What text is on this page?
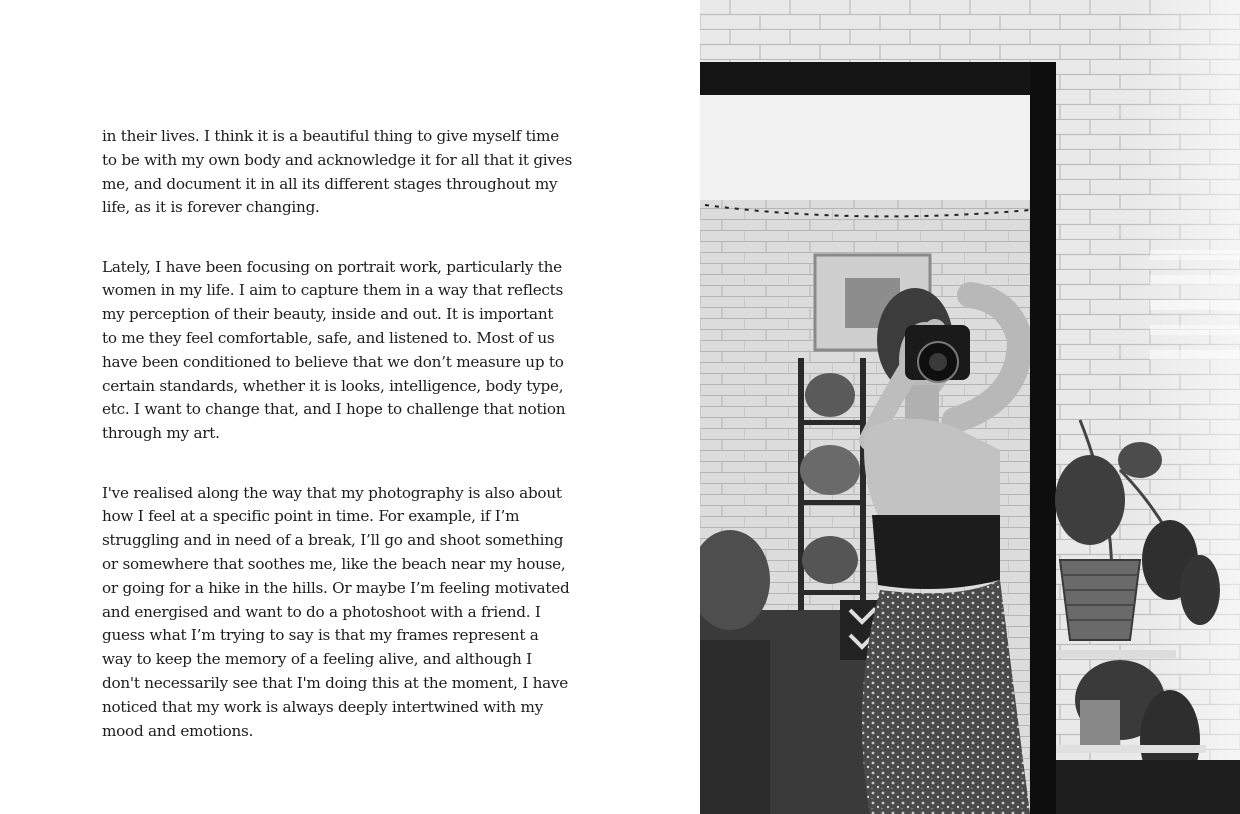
in their lives. I think it is a beautiful thing to give myself time to be with my own body and acknowledge it for all that it gives me, and document it in all its different stages throughout my life, as it is forever changing.

Lately, I have been focusing on portrait work, particularly the women in my life. I aim to capture them in a way that reflects my perception of their beauty, inside and out. It is important to me they feel comfortable, safe, and listened to. Most of us have been conditioned to believe that we don’t measure up to certain standards, whether it is looks, intelligence, body type, etc. I want to change that, and I hope to challenge that notion through my art.

I've realised along the way that my photography is also about how I feel at a specific point in time. For example, if I’m struggling and in need of a break, I’ll go and shoot something or somewhere that soothes me, like the beach near my house, or going for a hike in the hills. Or maybe I’m feeling motivated and energised and want to do a photoshoot with a friend. I guess what I’m trying to say is that my frames represent a way to keep the memory of a feeling alive, and although I don't necessarily see that I'm doing this at the moment, I have noticed that my work is always deeply intertwined with my mood and emotions.
